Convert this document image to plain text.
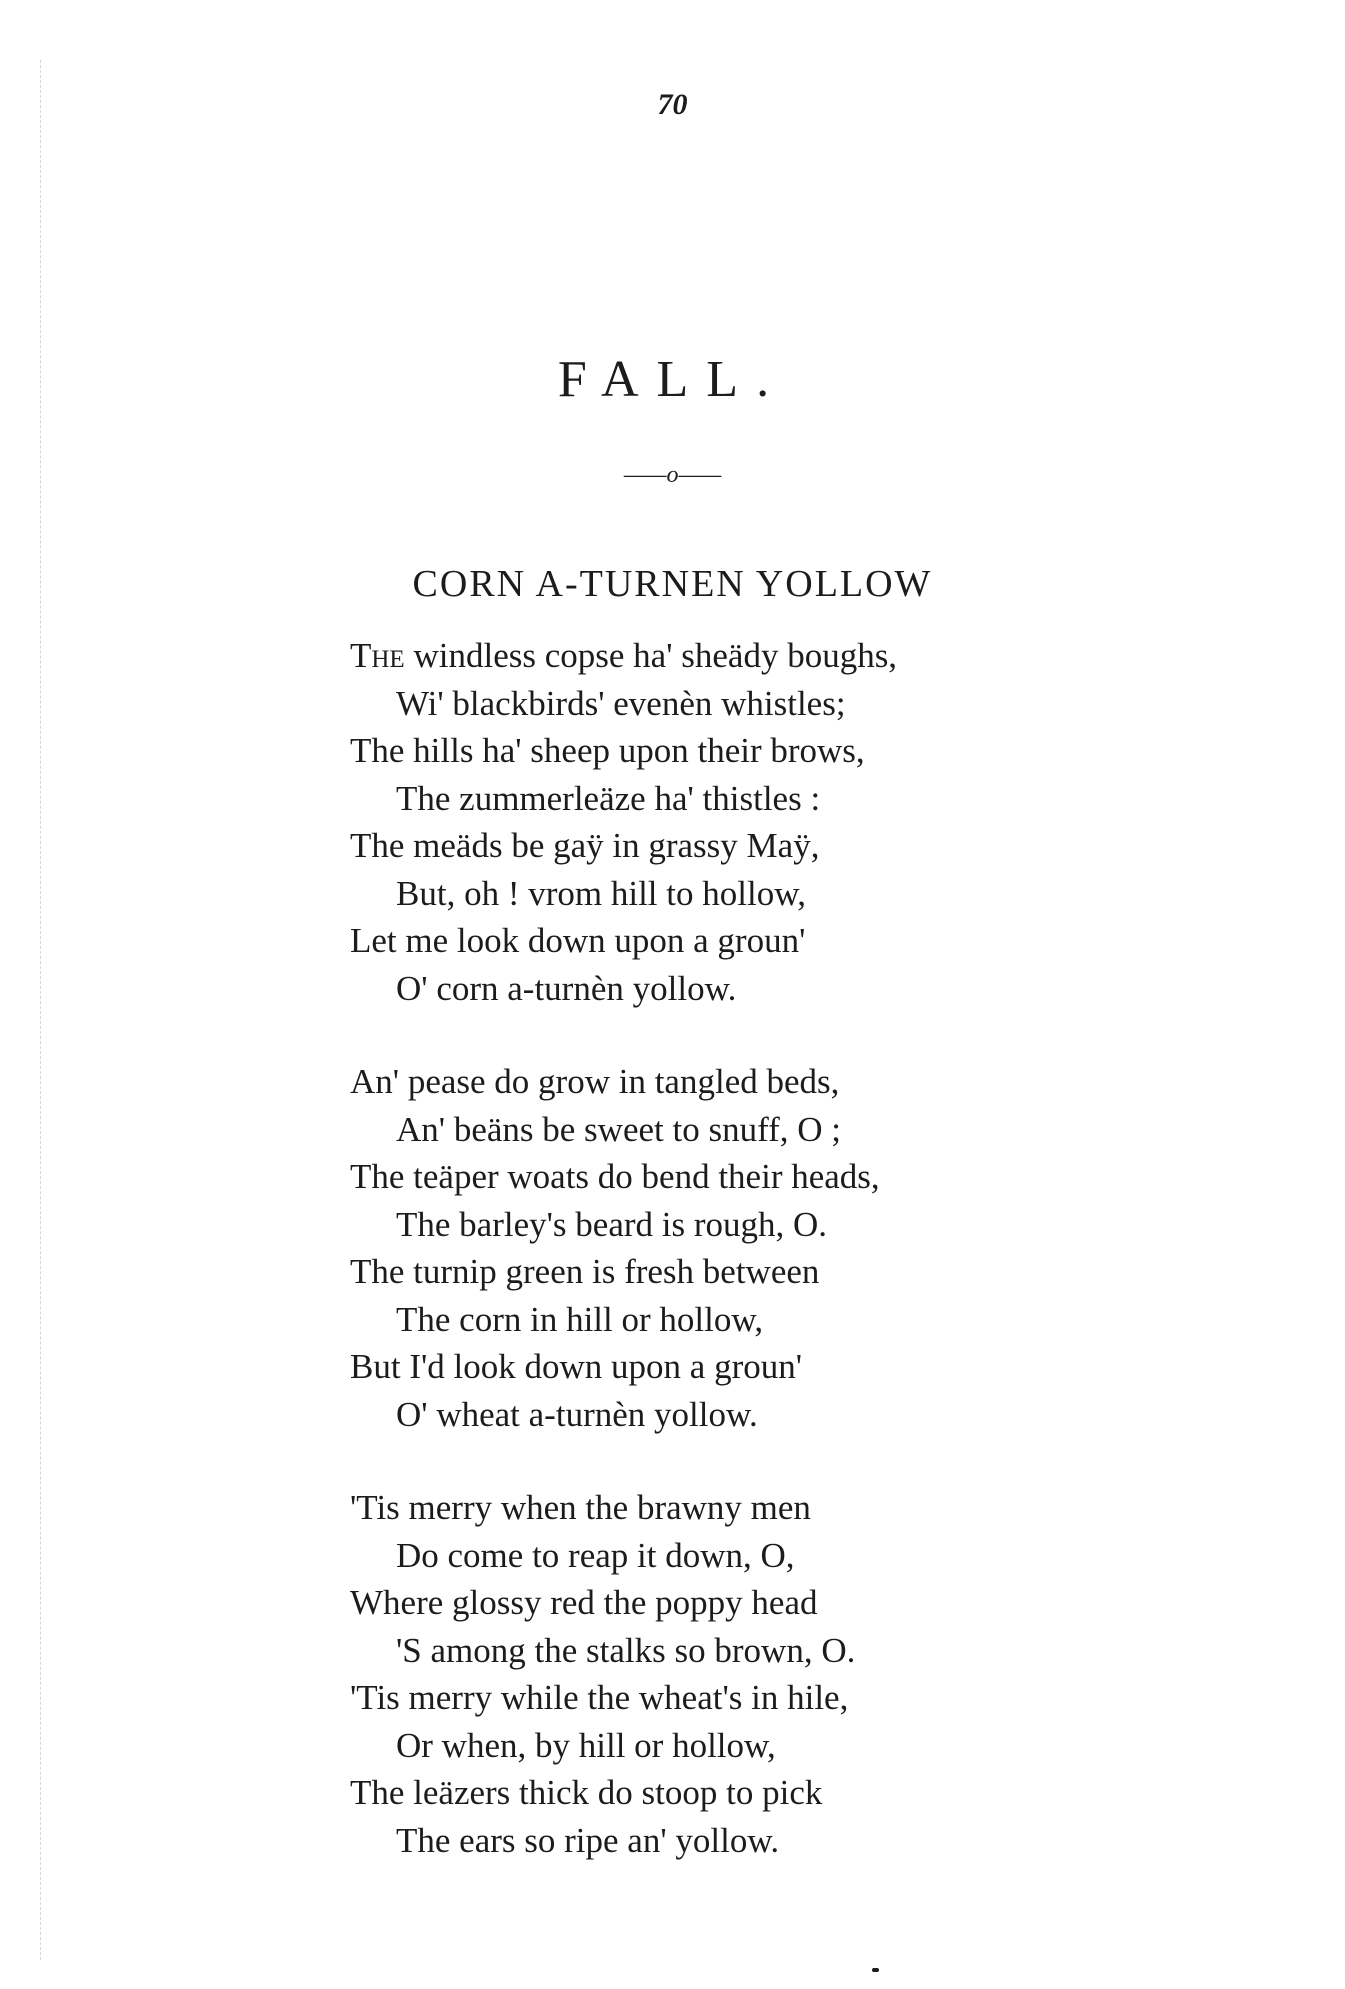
70
FALL.
——o——
CORN A-TURNEN YOLLOW
The windless copse ha' sheädy boughs,
Wi' blackbirds' evenèn whistles;
The hills ha' sheep upon their brows,
The zummerleäze ha' thistles :
The meäds be gaÿ in grassy Maÿ,
But, oh ! vrom hill to hollow,
Let me look down upon a groun'
O' corn a-turnèn yollow.
An' pease do grow in tangled beds,
An' beäns be sweet to snuff, O ;
The teäper woats do bend their heads,
The barley's beard is rough, O.
The turnip green is fresh between
The corn in hill or hollow,
But I'd look down upon a groun'
O' wheat a-turnèn yollow.
'Tis merry when the brawny men
Do come to reap it down, O,
Where glossy red the poppy head
'S among the stalks so brown, O.
'Tis merry while the wheat's in hile,
Or when, by hill or hollow,
The leäzers thick do stoop to pick
The ears so ripe an' yollow.
